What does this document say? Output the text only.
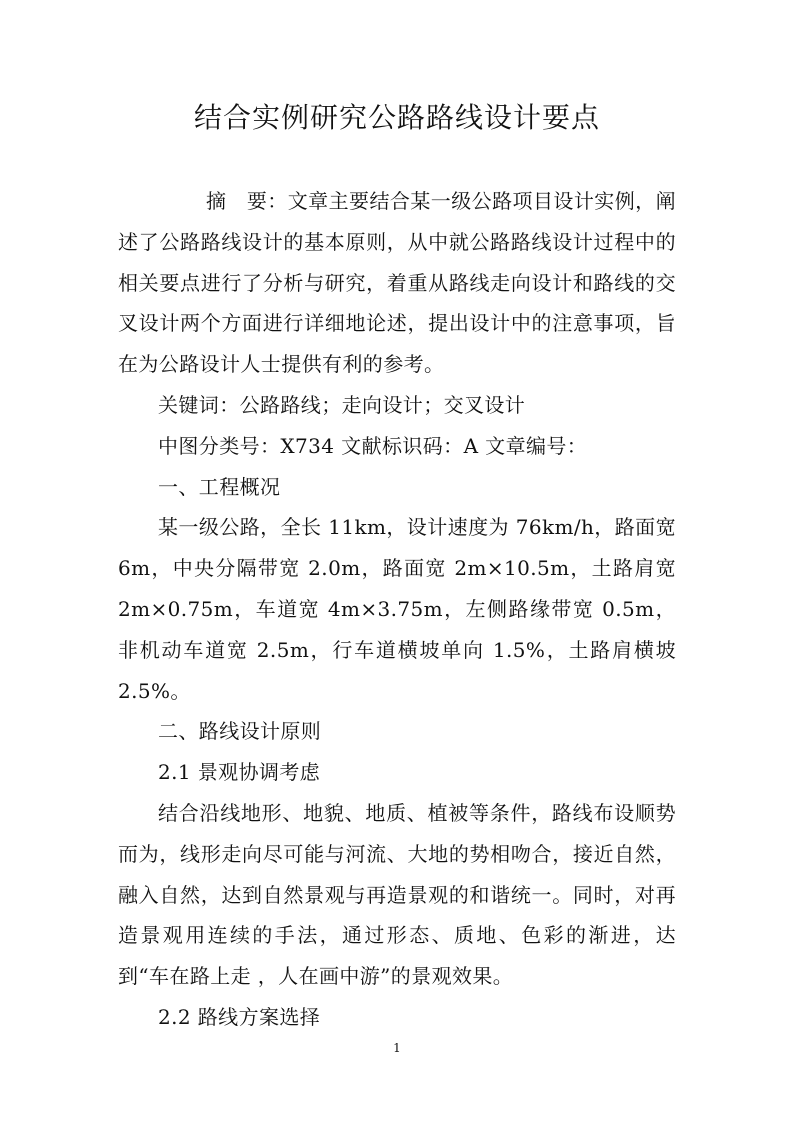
结合实例研究公路路线设计要点

摘　要：文章主要结合某一级公路项目设计实例，阐述了公路路线设计的基本原则，从中就公路路线设计过程中的相关要点进行了分析与研究，着重从路线走向设计和路线的交叉设计两个方面进行详细地论述，提出设计中的注意事项，旨在为公路设计人士提供有利的参考。

关键词：公路路线；走向设计；交叉设计

中图分类号：X734 文献标识码：A 文章编号：

一、工程概况

某一级公路，全长 11km，设计速度为 76km/h，路面宽 6m，中央分隔带宽 2.0m，路面宽 2m×10.5m，土路肩宽 2m×0.75m，车道宽 4m×3.75m，左侧路缘带宽 0.5m，非机动车道宽 2.5m，行车道横坡单向 1.5%，土路肩横坡 2.5%。

二、路线设计原则

2.1 景观协调考虑

结合沿线地形、地貌、地质、植被等条件，路线布设顺势而为，线形走向尽可能与河流、大地的势相吻合，接近自然，融入自然，达到自然景观与再造景观的和谐统一。同时，对再造景观用连续的手法，通过形态、质地、色彩的渐进，达到“车在路上走 ，人在画中游”的景观效果。

2.2 路线方案选择

1
